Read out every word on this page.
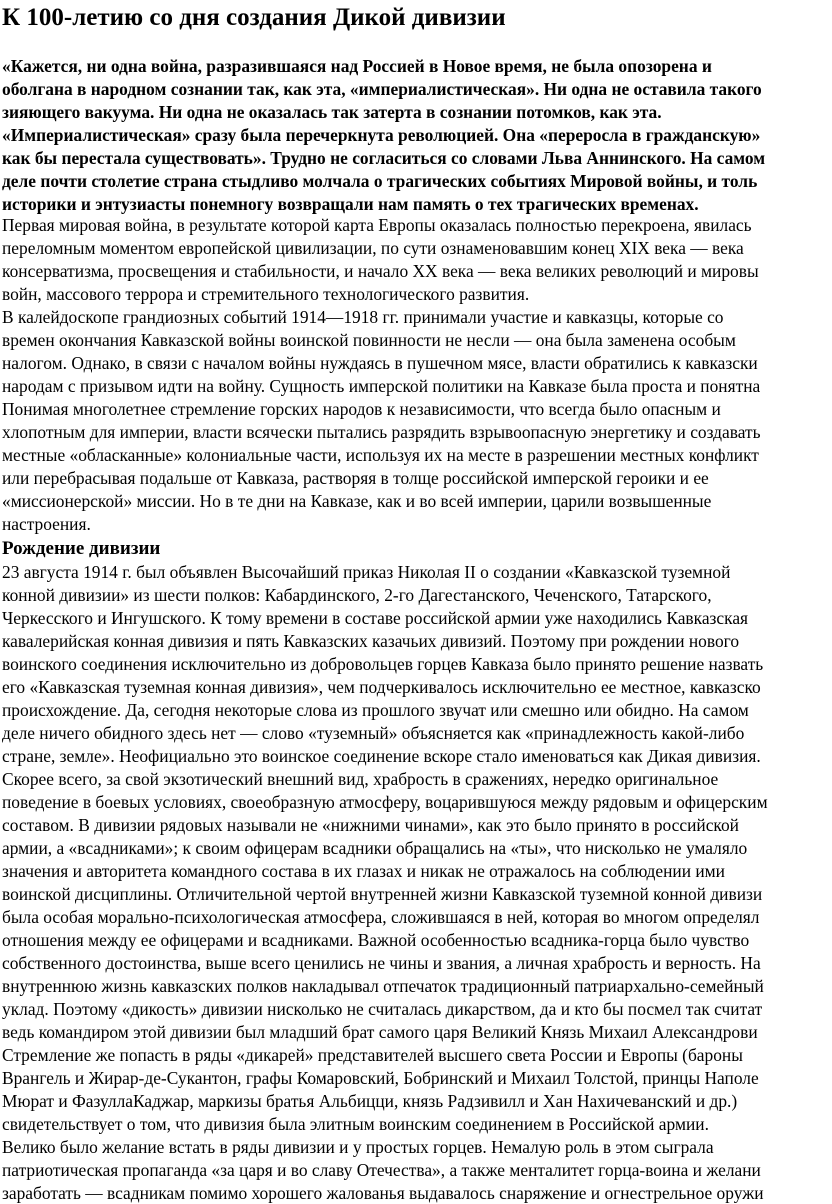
К 100-летию со дня создания Дикой дивизии
«Кажется, ни одна война, разразившаяся над Россией в Новое время, не была опозорена и
оболгана в народном сознании так, как эта, «империалистическая». Ни одна не оставила такого
зияющего вакуума. Ни одна не оказалась так затерта в сознании потомков, как эта.
«Империалистическая» сразу была перечеркнута революцией. Она «переросла в гражданскую»
как бы перестала существовать». Трудно не согласиться со словами Льва Аннинского. На самом
деле почти столетие страна стыдливо молчала о трагических событиях Мировой войны, и толь
историки и энтузиасты понемногу возвращали нам память о тех трагических временах.
Первая мировая война, в результате которой карта Европы оказалась полностью перекроена, явилась
переломным моментом европейской цивилизации, по сути ознаменовавшим конец XIX века — века
консерватизма, просвещения и стабильности, и начало XX века — века великих революций и мировы
войн, массового террора и стремительного технологического развития.
В калейдоскопе грандиозных событий 1914—1918 гг. принимали участие и кавказцы, которые со
времен окончания Кавказской войны воинской повинности не несли — она была заменена особым
налогом. Однако, в связи с началом войны нуждаясь в пушечном мясе, власти обратились к кавказски
народам с призывом идти на войну. Сущность имперской политики на Кавказе была проста и понятна
Понимая многолетнее стремление горских народов к независимости, что всегда было опасным и
хлопотным для империи, власти всячески пытались разрядить взрывоопасную энергетику и создавать
местные «обласканные» колониальные части, используя их на месте в разрешении местных конфликт
или перебрасывая подальше от Кавказа, растворяя в толще российской имперской героики и ее
«миссионерской» миссии. Но в те дни на Кавказе, как и во всей империи, царили возвышенные
настроения.
Рождение дивизии
23 августа 1914 г. был объявлен Высочайший приказ Николая II о создании «Кавказской туземной
конной дивизии» из шести полков: Кабардинского, 2-го Дагестанского, Чеченского, Татарского,
Черкесского и Ингушского. К тому времени в составе российской армии уже находились Кавказская
кавалерийская конная дивизия и пять Кавказских казачьих дивизий. Поэтому при рождении нового
воинского соединения исключительно из добровольцев горцев Кавказа было принято решение назвать
его «Кавказская туземная конная дивизия», чем подчеркивалось исключительно ее местное, кавказско
происхождение. Да, сегодня некоторые слова из прошлого звучат или смешно или обидно. На самом
деле ничего обидного здесь нет — слово «туземный» объясняется как «принадлежность какой-либо
стране, земле». Неофициально это воинское соединение вскоре стало именоваться как Дикая дивизия.
Скорее всего, за свой экзотический внешний вид, храбрость в сражениях, нередко оригинальное
поведение в боевых условиях, своеобразную атмосферу, воцарившуюся между рядовым и офицерским
составом. В дивизии рядовых называли не «нижними чинами», как это было принято в российской
армии, а «всадниками»; к своим офицерам всадники обращались на «ты», что нисколько не умаляло
значения и авторитета командного состава в их глазах и никак не отражалось на соблюдении ими
воинской дисциплины. Отличительной чертой внутренней жизни Кавказской туземной конной дивизи
была особая морально-психологическая атмосфера, сложившаяся в ней, которая во многом определял
отношения между ее офицерами и всадниками. Важной особенностью всадника-горца было чувство
собственного достоинства, выше всего ценились не чины и звания, а личная храбрость и верность. На
внутреннюю жизнь кавказских полков накладывал отпечаток традиционный патриархально-семейный
уклад. Поэтому «дикость» дивизии нисколько не считалась дикарством, да и кто бы посмел так считат
ведь командиром этой дивизии был младший брат самого царя Великий Князь Михаил Александрови
Стремление же попасть в ряды «дикарей» представителей высшего света России и Европы (бароны
Врангель и Жирар-де-Сукантон, графы Комаровский, Бобринский и Михаил Толстой, принцы Наполе
Мюрат и ФазуллаКаджар, маркизы братья Альбицци, князь Радзивилл и Хан Нахичеванский и др.)
свидетельствует о том, что дивизия была элитным воинским соединением в Российской армии.
Велико было желание встать в ряды дивизии и у простых горцев. Немалую роль в этом сыграла
патриотическая пропаганда «за царя и во славу Отечества», а также менталитет горца-воина и желани
заработать — всадникам помимо хорошего жалованья выдавалось снаряжение и огнестрельное оружи
